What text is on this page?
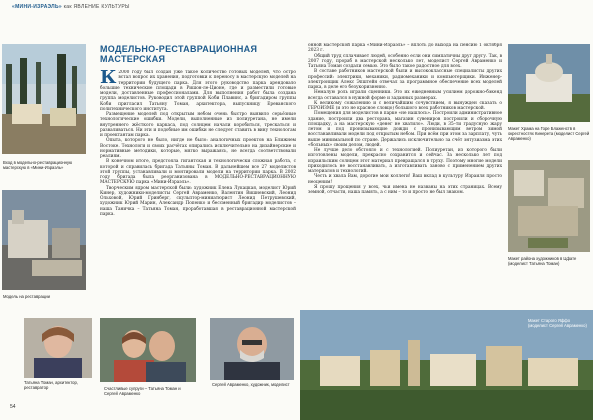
«МИНИ-ИЗРАЭЛЬ» как ЯВЛЕНИЕ КУЛЬТУРЫ
Вход в модельно-реставрационную мастерскую в «Мини-Израэль»
Модель на реставрации
МОДЕЛЬНО-РЕСТАВРАЦИОННАЯ МАСТЕРСКАЯ
К 2000 году был создан уже такое количество готовых моделей, что остро встал вопрос их хранения, подготовки к переносу в мастерскую моделей на территории будущего парка. Для этого руководство парка арендовало большие технические площади в Ришон-ле-Ционе, где и разместили готовые модели, доставленные профессионалами. Для выполнения работ была создана группа моделистов. Руководил этой группой Коби Плавинс, а бригадиром группы Коби пригласил Татьяну Томан, архитектора, выпускницу Ереванского политехнического института.

Размещение моделей под открытым небом очень быстро выявило серьёзные технологические ошибки. Модели, выполненные из полиуретана, не имели внутреннего жёсткого каркаса, под солнцем начали коробиться, трескаться и разваливаться. Ни эти и подобные им ошибки не следует ставить в вину технологам и проектантам парка.

Опыта, которого не было, нигде не было: аналогичных проектов на Ближнем Востоке. Технологи и своих расчётах опирались исключительно на дизайнерские и нормативные методики, которые, мягко выражаясь, не всегда соответствовали реалиям.

В конечном итоге, предстояла гигантская и технологически сложная работа, с которой и справилась бригада Татьяны Томан. В дальнейшем все 27 моделистов этой группы, устанавливали и монтировали модели на территории парка. В 2002 году бригада была реорганизована в МОДЕЛЬНО-РЕСТАВРАЦИОННУЮ МАСТЕРСКУЮ парка «Мини-Израэль».

Творческим ядром мастерской были: художник Елена Лукацкая, моделист Юрий Кинер, художники-моделисты Сергей Авраменко, Валентин Вишневский, Леонид Ольховой, Юрий Гринберг, скульптор-миниатюрист Леонид Петрушевский, художник Юрий Марин, Александр Попенко и бессменный бригадир моделистов – наша Таничка – Татьяна Томан, проработавшая в реставрационной мастерской парка.

онной мастерской парка «Мини-Израэль» – вплоть до выхода на пенсию 1 октября 2023 г.

Общий труд сплачивает людей, особенно если они симпатичны друг другу. Так, в 2007 году, прораб в мастерской несколько лет, моделист Сергей Авраменко и Татьяна Томан создали семью. Это было такое радостное для всех.

В составе работников мастерской были и высококлассные специалисты других профессий: электрики, механики, радиомеханики и компьютерщики. Инженер-электронщик Алекс Эпштейн отвечал за программное обеспечение всех моделей парка, в деле его безукоризненно.

Немалую роль играли сценники. Это их ежедневным усилием дорожно-бэкенд всегда оставался в нужной форме и заданных размерах.

К великому сожалению и с величайшим сочувствием, я вынужден сказать о ГЕРОИЗМЕ (и это не красное словцо) большого всех работников мастерской.

Помещения для моделистов в парке «не нашлось». Построили административное здание, построили два ресторана, магазин сувениров построили и сборочную площадку, а на мастерскую «денег не хватило». Люди, в 35–ти градусную жару летом и под пронизывающие дожди с пронизывающим ветром зимой восстанавливали модели под открытым небом. При всём при этом за зарплату, чуть выше минимальной по стране. Держались исключительно за счёт энтузиазма этих «больных» своим делом, людей.

Не лучше дело обстояло и с технологией. Полиуретан, из которого были изготовлены модели, прекрасно сохранится и сейчас. За несколько лет под израильским солнцем этот материал превращался в труху. Поэтому многие модели приходилось не восстанавливать, а изготавливать заново с применением других материалов и технологий.

Честь и хвала Вам, дорогие мои коллеги! Ваш вклад в культуру Израиля просто неоценим!

Я прошу прощения у всех, чьи имена не названы на этих страницах. Всему земной, отчасти, наша память, а с ним – то и просто не был знаком.

Макет Храма на Горе Блаженств в окрестностях Кинерета (моделист Сергей Авраменко)
Макет района художников в Цфате (моделист Татьяна Томан)
Татьяна Томан, архитектор, реставратор	Счастливые супруги – Татьяна Томан и Сергей Авраменко
Сергей Авраменко, художник, моделист
Макет Старого Яффо (моделист Сергей Авраменко)
54
